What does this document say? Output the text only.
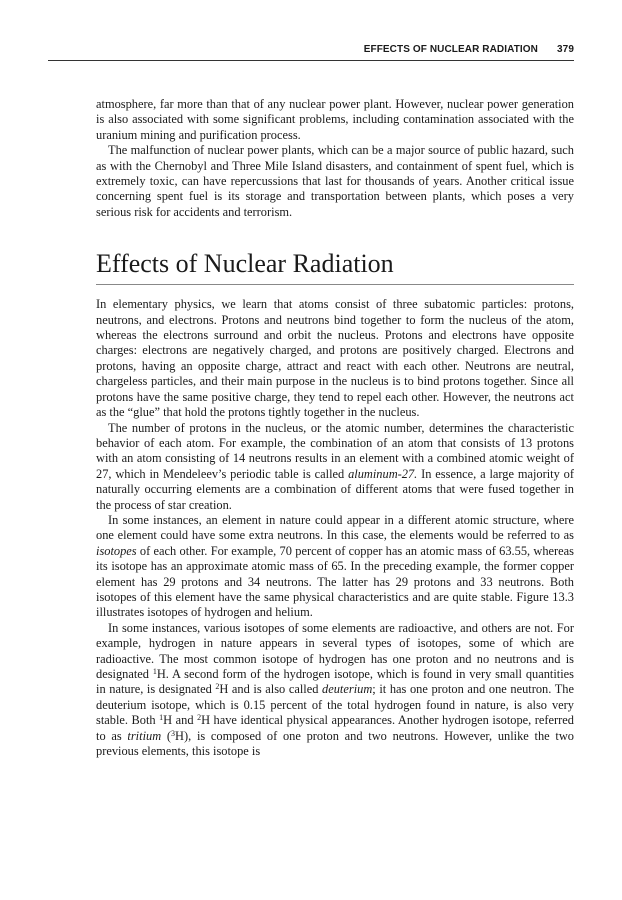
EFFECTS OF NUCLEAR RADIATION 379

atmosphere, far more than that of any nuclear power plant. However, nuclear power generation is also associated with some significant problems, including contamination associated with the uranium mining and purification process.

The malfunction of nuclear power plants, which can be a major source of public hazard, such as with the Chernobyl and Three Mile Island disasters, and containment of spent fuel, which is extremely toxic, can have repercussions that last for thousands of years. Another critical issue concerning spent fuel is its storage and transportation between plants, which poses a very serious risk for accidents and terrorism.

Effects of Nuclear Radiation

In elementary physics, we learn that atoms consist of three subatomic particles: protons, neutrons, and electrons. Protons and neutrons bind together to form the nucleus of the atom, whereas the electrons surround and orbit the nucleus. Protons and electrons have opposite charges: electrons are negatively charged, and protons are positively charged. Electrons and protons, having an opposite charge, attract and react with each other. Neutrons are neutral, chargeless particles, and their main purpose in the nucleus is to bind protons together. Since all protons have the same positive charge, they tend to repel each other. However, the neutrons act as the “glue” that hold the protons tightly together in the nucleus.

The number of protons in the nucleus, or the atomic number, determines the characteristic behavior of each atom. For example, the combination of an atom that consists of 13 protons with an atom consisting of 14 neutrons results in an element with a combined atomic weight of 27, which in Mendeleev’s periodic table is called aluminum-27. In essence, a large majority of naturally occurring elements are a combination of different atoms that were fused together in the process of star creation.

In some instances, an element in nature could appear in a different atomic structure, where one element could have some extra neutrons. In this case, the elements would be referred to as isotopes of each other. For example, 70 percent of copper has an atomic mass of 63.55, whereas its isotope has an approximate atomic mass of 65. In the preceding example, the former copper element has 29 protons and 34 neutrons. The latter has 29 protons and 33 neutrons. Both isotopes of this element have the same physical characteristics and are quite stable. Figure 13.3 illustrates isotopes of hydrogen and helium.

In some instances, various isotopes of some elements are radioactive, and others are not. For example, hydrogen in nature appears in several types of isotopes, some of which are radioactive. The most common isotope of hydrogen has one proton and no neutrons and is designated $^1$H. A second form of the hydrogen isotope, which is found in very small quantities in nature, is designated $^2$H and is also called deuterium; it has one proton and one neutron. The deuterium isotope, which is 0.15 percent of the total hydrogen found in nature, is also very stable. Both $^1$H and $^2$H have identical physical appearances. Another hydrogen isotope, referred to as tritium ($^3$H), is composed of one proton and two neutrons. However, unlike the two previous elements, this isotope is
